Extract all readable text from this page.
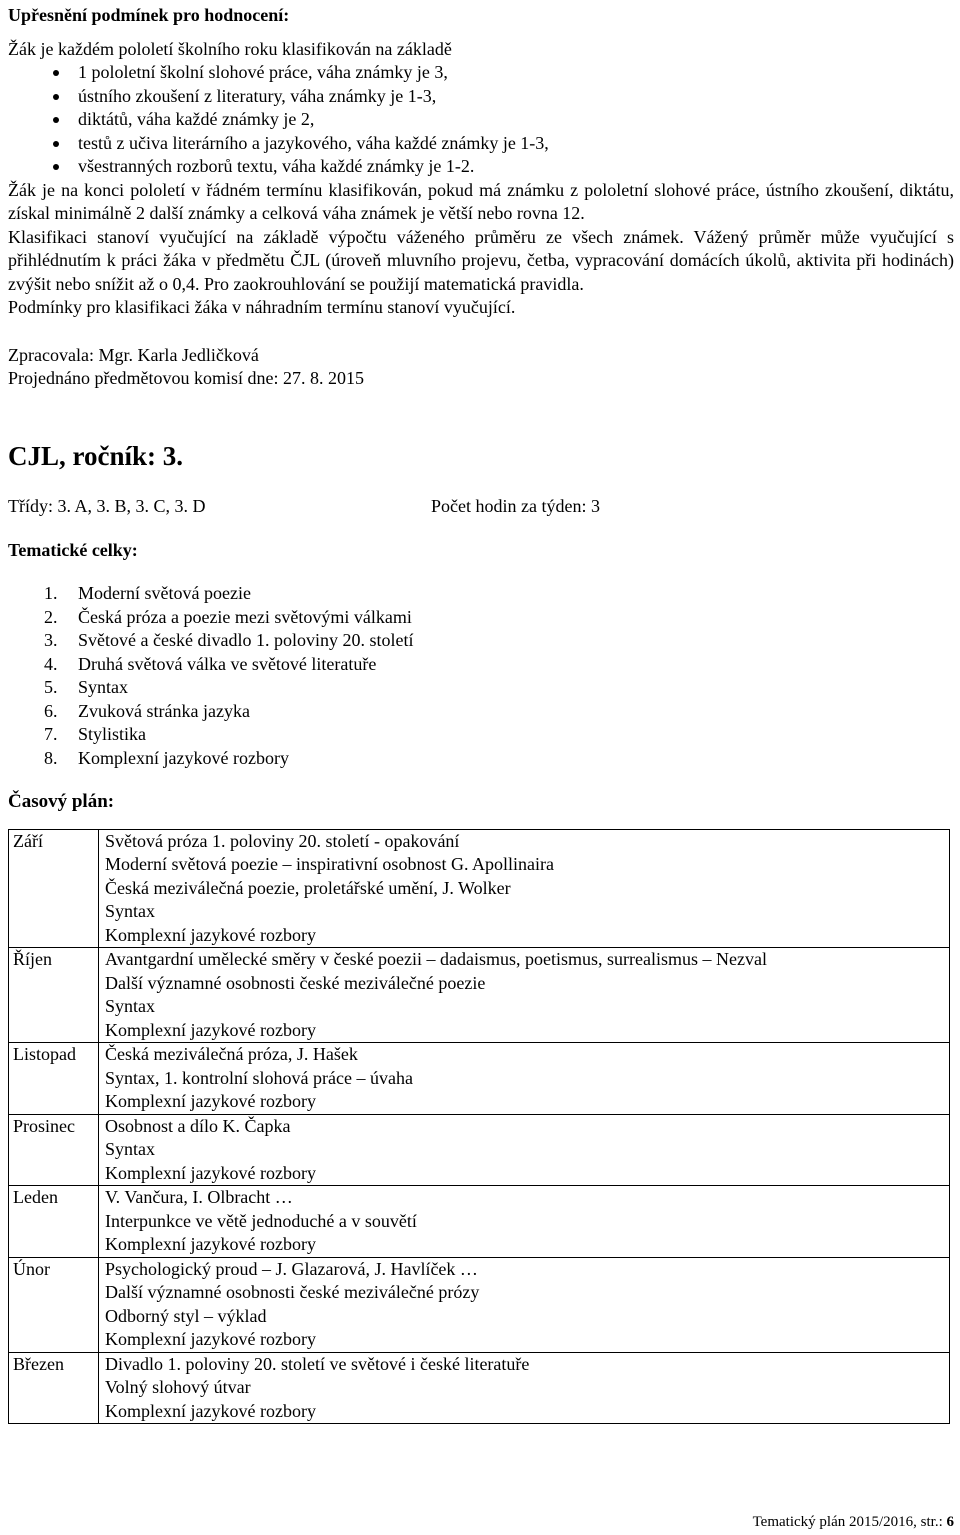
Upřesnění podmínek pro hodnocení:

Žák je každém pololetí školního roku klasifikován na základě

1 pololetní školní slohové práce, váha známky je 3,
ústního zkoušení z literatury, váha známky je 1-3,
diktátů, váha každé známky je 2,
testů z učiva literárního a jazykového, váha každé známky je 1-3,
všestranných rozborů textu, váha každé známky je 1-2.

Žák je na konci pololetí v řádném termínu klasifikován, pokud má známku z pololetní slohové práce, ústního zkoušení, diktátu, získal minimálně 2 další známky a celková váha známek je větší nebo rovna 12.

Klasifikaci stanoví vyučující na základě výpočtu váženého průměru ze všech známek. Vážený průměr může vyučující s přihlédnutím k práci žáka v předmětu ČJL (úroveň mluvního projevu, četba, vypracování domácích úkolů, aktivita při hodinách) zvýšit nebo snížit až o 0,4. Pro zaokrouhlování se použijí matematická pravidla.

Podmínky pro klasifikaci žáka v náhradním termínu stanoví vyučující.

Zpracovala: Mgr. Karla Jedličková

Projednáno předmětovou komisí dne: 27. 8. 2015

CJL, ročník: 3.
Třídy: 3. A, 3. B, 3. C, 3. D	Počet hodin za týden: 3
Tematické celky:
1. Moderní světová poezie
2. Česká próza a poezie mezi světovými válkami
3. Světové a české divadlo 1. poloviny 20. století
4. Druhá světová válka ve světové literatuře
5. Syntax
6. Zvuková stránka jazyka
7. Stylistika
8. Komplexní jazykové rozbory
Časový plán:
Září	Světová próza 1. poloviny 20. století - opakování
Moderní světová poezie – inspirativní osobnost G. Apollinaira
Česká meziválečná poezie, proletářské umění, J. Wolker
Syntax
Komplexní jazykové rozbory

Říjen	Avantgardní umělecké směry v české poezii – dadaismus, poetismus, surrealismus – Nezval
Další významné osobnosti české meziválečné poezie
Syntax
Komplexní jazykové rozbory

Listopad	Česká meziválečná próza, J. Hašek
Syntax, 1. kontrolní slohová práce – úvaha
Komplexní jazykové rozbory

Prosinec	Osobnost a dílo K. Čapka
Syntax
Komplexní jazykové rozbory

Leden	V. Vančura, I. Olbracht …
Interpunkce ve větě jednoduché a v souvětí
Komplexní jazykové rozbory

Únor	Psychologický proud – J. Glazarová, J. Havlíček …
Další významné osobnosti české meziválečné prózy
Odborný styl – výklad
Komplexní jazykové rozbory

Březen	Divadlo 1. poloviny 20. století ve světové i české literatuře
Volný slohový útvar
Komplexní jazykové rozbory
Tematický plán 2015/2016, str.: 6
